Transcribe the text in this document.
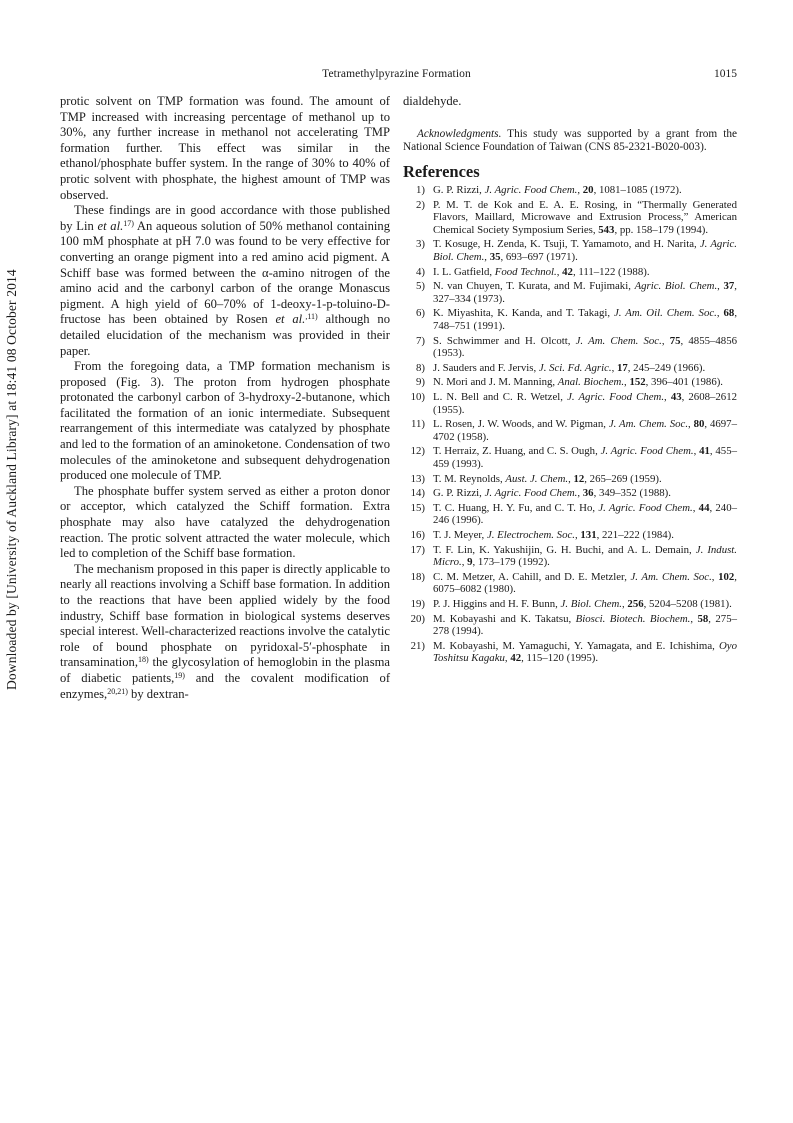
Tetramethylpyrazine Formation	1015
Downloaded by [University of Auckland Library] at 18:41 08 October 2014

protic solvent on TMP formation was found. The amount of TMP increased with increasing percentage of methanol up to 30%, any further increase in methanol not accelerating TMP formation further. This effect was similar in the ethanol/phosphate buffer system. In the range of 30% to 40% of protic solvent with phosphate, the highest amount of TMP was observed.

These findings are in good accordance with those published by Lin et al.$^{17)}$ An aqueous solution of 50% methanol containing 100 mM phosphate at pH 7.0 was found to be very effective for converting an orange pigment into a red amino acid pigment. A Schiff base was formed between the α-amino nitrogen of the amino acid and the carbonyl carbon of the orange Monascus pigment. A high yield of 60–70% of 1-deoxy-1-p-toluino-D-fructose has been obtained by Rosen et al.$^{,11)}$ although no detailed elucidation of the mechanism was provided in their paper.

From the foregoing data, a TMP formation mechanism is proposed (Fig. 3). The proton from hydrogen phosphate protonated the carbonyl carbon of 3-hydroxy-2-butanone, which facilitated the formation of an ionic intermediate. Subsequent rearrangement of this intermediate was catalyzed by phosphate and led to the formation of an aminoketone. Condensation of two molecules of the aminoketone and subsequent dehydrogenation produced one molecule of TMP.

The phosphate buffer system served as either a proton donor or acceptor, which catalyzed the Schiff formation. Extra phosphate may also have catalyzed the dehydrogenation reaction. The protic solvent attracted the water molecule, which led to completion of the Schiff base formation.

The mechanism proposed in this paper is directly applicable to nearly all reactions involving a Schiff base formation. In addition to the reactions that have been applied widely by the food industry, Schiff base formation in biological systems deserves special interest. Well-characterized reactions involve the catalytic role of bound phosphate on pyridoxal-5′-phosphate in transamination,$^{18)}$ the glycosylation of hemoglobin in the plasma of diabetic patients,$^{19)}$ and the covalent modification of enzymes,$^{20,21)}$ by dextran-

dialdehyde.

Acknowledgments. This study was supported by a grant from the National Science Foundation of Taiwan (CNS 85-2321-B020-003).

References
1) G. P. Rizzi, J. Agric. Food Chem., 20, 1081–1085 (1972).
2) P. M. T. de Kok and E. A. E. Rosing, in “Thermally Generated Flavors, Maillard, Microwave and Extrusion Process,” American Chemical Society Symposium Series, 543, pp. 158–179 (1994).
3) T. Kosuge, H. Zenda, K. Tsuji, T. Yamamoto, and H. Narita, J. Agric. Biol. Chem., 35, 693–697 (1971).
4) I. L. Gatfield, Food Technol., 42, 111–122 (1988).
5) N. van Chuyen, T. Kurata, and M. Fujimaki, Agric. Biol. Chem., 37, 327–334 (1973).
6) K. Miyashita, K. Kanda, and T. Takagi, J. Am. Oil. Chem. Soc., 68, 748–751 (1991).
7) S. Schwimmer and H. Olcott, J. Am. Chem. Soc., 75, 4855–4856 (1953).
8) J. Sauders and F. Jervis, J. Sci. Fd. Agric., 17, 245–249 (1966).
9) N. Mori and J. M. Manning, Anal. Biochem., 152, 396–401 (1986).
10) L. N. Bell and C. R. Wetzel, J. Agric. Food Chem., 43, 2608–2612 (1955).
11) L. Rosen, J. W. Woods, and W. Pigman, J. Am. Chem. Soc., 80, 4697–4702 (1958).
12) T. Herraiz, Z. Huang, and C. S. Ough, J. Agric. Food Chem., 41, 455–459 (1993).
13) T. M. Reynolds, Aust. J. Chem., 12, 265–269 (1959).
14) G. P. Rizzi, J. Agric. Food Chem., 36, 349–352 (1988).
15) T. C. Huang, H. Y. Fu, and C. T. Ho, J. Agric. Food Chem., 44, 240–246 (1996).
16) T. J. Meyer, J. Electrochem. Soc., 131, 221–222 (1984).
17) T. F. Lin, K. Yakushijin, G. H. Buchi, and A. L. Demain, J. Indust. Micro., 9, 173–179 (1992).
18) C. M. Metzer, A. Cahill, and D. E. Metzler, J. Am. Chem. Soc., 102, 6075–6082 (1980).
19) P. J. Higgins and H. F. Bunn, J. Biol. Chem., 256, 5204–5208 (1981).
20) M. Kobayashi and K. Takatsu, Biosci. Biotech. Biochem., 58, 275–278 (1994).
21) M. Kobayashi, M. Yamaguchi, Y. Yamagata, and E. Ichishima, Oyo Toshitsu Kagaku, 42, 115–120 (1995).
